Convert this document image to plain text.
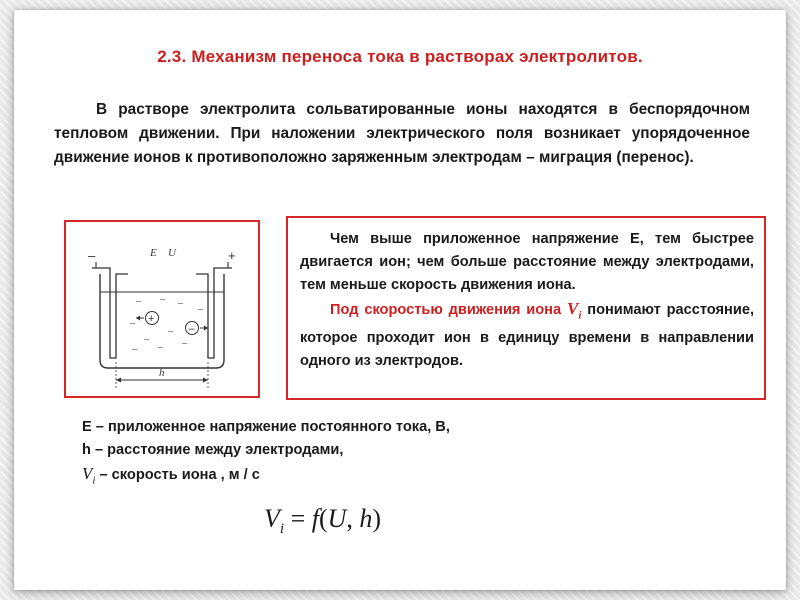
2.3. Механизм переноса тока в растворах электролитов.
В растворе электролита сольватированные ионы находятся в беспорядочном тепловом движении. При наложении электрического поля возникает упорядоченное движение ионов к противоположно заряженным электродам – миграция (перенос).
–	+
E U
+
–
– – –
–
–
–
– –
–
–
h

Чем выше приложенное напряжение E, тем быстрее двигается ион; чем больше расстояние между электродами, тем меньше скорость движения иона.

Под скоростью движения иона $V_i$ понимают расстояние, которое проходит ион в единицу времени в направлении одного из электродов.

E – приложенное напряжение постоянного тока, В,
h – расстояние между электродами,
$V_i$ – скорость иона , м / с
$V_i = f(U$, h)
